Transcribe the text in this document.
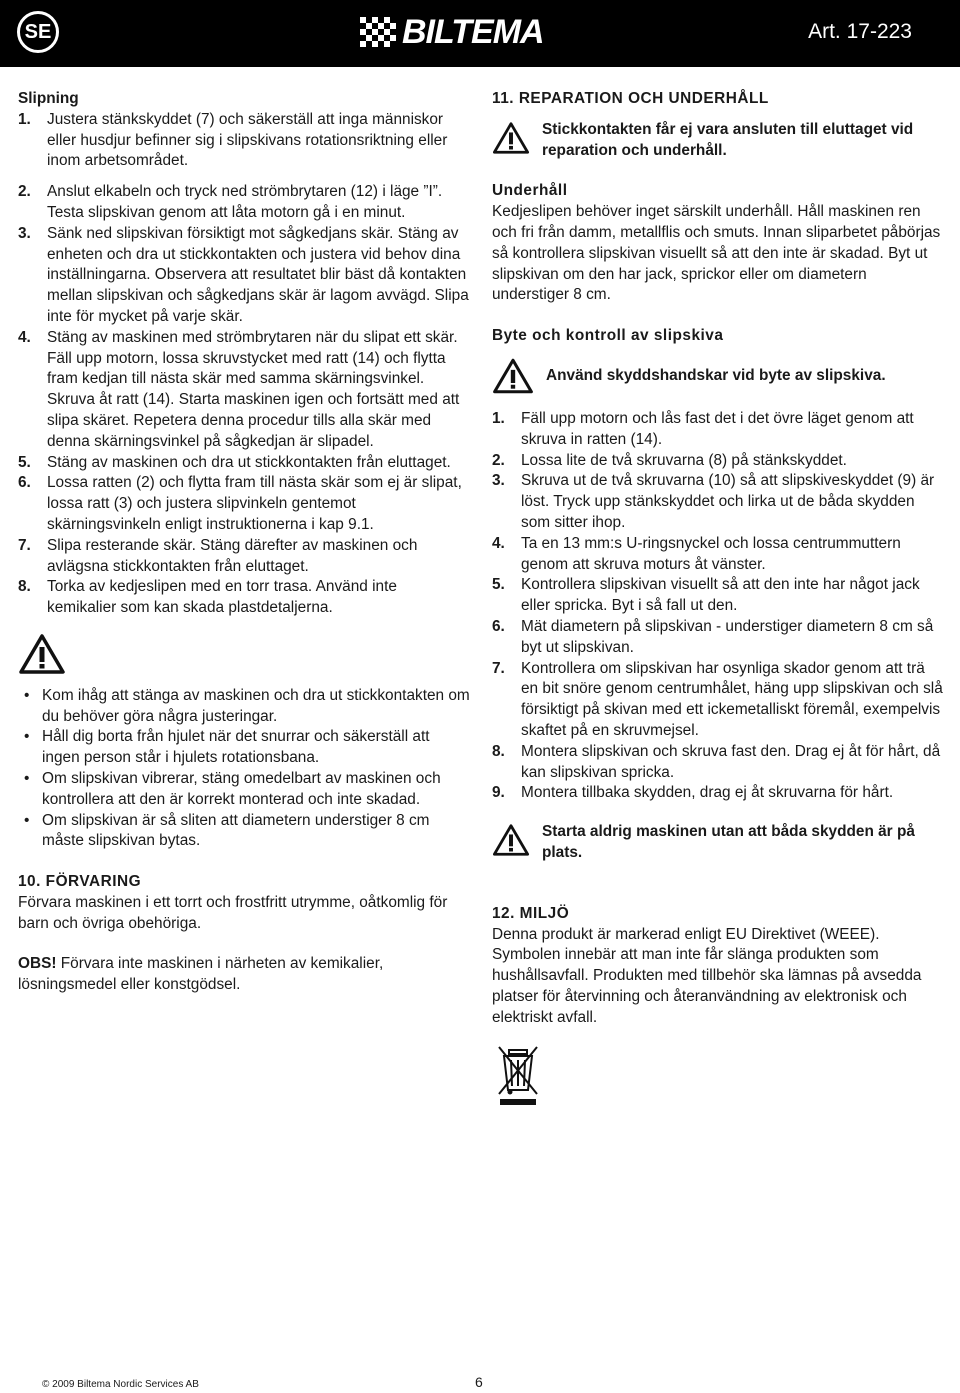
SE	BILTEMA	Art. 17-223

Slipning

1.	Justera stänkskyddet (7) och säkerställ att inga människor eller husdjur befinner sig i slipskivans rotationsriktning eller inom arbetsområdet.
2.	Anslut elkabeln och tryck ned strömbrytaren (12) i läge ”I”. Testa slipskivan genom att låta motorn gå i en minut.
3.	Sänk ned slipskivan försiktigt mot sågkedjans skär. Stäng av enheten och dra ut stickkontakten och justera vid behov dina inställningarna. Observera att resultatet blir bäst då kontakten mellan slipskivan och sågkedjans skär är lagom avvägd. Slipa inte för mycket på varje skär.
4.	Stäng av maskinen med strömbrytaren när du slipat ett skär. Fäll upp motorn, lossa skruvstycket med ratt (14) och flytta fram kedjan till nästa skär med samma skärningsvinkel. Skruva åt ratt (14). Starta maskinen igen och fortsätt med att slipa skäret. Repetera denna procedur tills alla skär med denna skärningsvinkel på sågkedjan är slipadel.
5.	Stäng av maskinen och dra ut stickkontakten från eluttaget.
6.	Lossa ratten (2) och flytta fram till nästa skär som ej är slipat, lossa ratt (3) och justera slipvinkeln gentemot skärningsvinkeln enligt instruktionerna i kap 9.1.
7.	Slipa resterande skär. Stäng därefter av maskinen och avlägsna stickkontakten från eluttaget.
8.	Torka av kedjeslipen med en torr trasa. Använd inte kemikalier som kan skada plastdetaljerna.
• Kom ihåg att stänga av maskinen och dra ut stickkontakten om du behöver göra några justeringar.
• Håll dig borta från hjulet när det snurrar och säkerställ att ingen person står i hjulets rotationsbana.
• Om slipskivan vibrerar, stäng omedelbart av maskinen och kontrollera att den är korrekt monterad och inte skadad.
• Om slipskivan är så sliten att diametern understiger 8 cm måste slipskivan bytas.

10. FÖRVARING

Förvara maskinen i ett torrt och frostfritt utrymme, oåtkomlig för barn och övriga obehöriga.

OBS! Förvara inte maskinen i närheten av kemikalier, lösningsmedel eller konstgödsel.

11. REPARATION OCH UNDERHÅLL

Stickkontakten får ej vara ansluten till eluttaget vid reparation och underhåll.

Underhåll

Kedjeslipen behöver inget särskilt underhåll. Håll maskinen ren och fri från damm, metallflis och smuts. Innan sliparbetet påbörjas så kontrollera slipskivan visuellt så att den inte är skadad. Byt ut slipskivan om den har jack, sprickor eller om diametern understiger 8 cm.

Byte och kontroll av slipskiva

Använd skyddshandskar vid byte av slipskiva.
1.	Fäll upp motorn och lås fast det i det övre läget genom att skruva in ratten (14).
2.	Lossa lite de två skruvarna (8) på stänkskyddet.
3.	Skruva ut de två skruvarna (10) så att slipskiveskyddet (9) är löst. Tryck upp stänkskyddet och lirka ut de båda skydden som sitter ihop.
4.	Ta en 13 mm:s U-ringsnyckel och lossa centrummuttern genom att skruva moturs åt vänster.
5.	Kontrollera slipskivan visuellt så att den inte har något jack eller spricka. Byt i så fall ut den.
6.	Mät diametern på slipskivan - understiger diametern 8 cm så byt ut slipskivan.
7.	Kontrollera om slipskivan har osynliga skador genom att trä en bit snöre genom centrumhålet, häng upp slipskivan och slå försiktigt på skivan med ett ickemetalliskt föremål, exempelvis skaftet på en skruvmejsel.
8.	Montera slipskivan och skruva fast den. Drag ej åt för hårt, då kan slipskivan spricka.
9.	Montera tillbaka skydden, drag ej åt skruvarna för hårt.
Starta aldrig maskinen utan att båda skydden är på plats.

12. MILJÖ

Denna produkt är markerad enligt EU Direktivet (WEEE). Symbolen innebär att man inte får slänga produkten som hushållsavfall. Produkten med tillbehör ska lämnas på avsedda platser för återvinning och återanvändning av elektronisk och elektriskt avfall.

© 2009 Biltema Nordic Services AB	6
